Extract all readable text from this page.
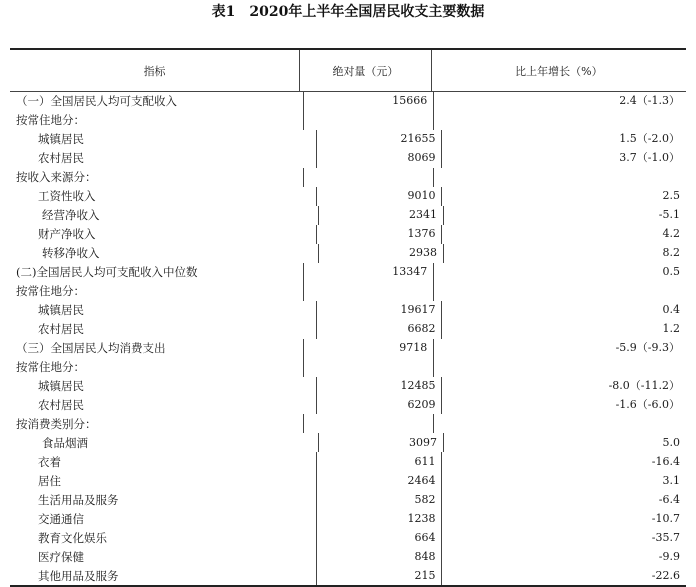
表1　2020年上半年全国居民收支主要数据
指标	绝对量（元）	比上年增长（%）
（一）全国居民人均可支配收入	15666	2.4（-1.3）
按常住地分：
城镇居民	21655	1.5（-2.0）
农村居民	8069	3.7（-1.0）
按收入来源分：
工资性收入	9010	2.5
经营净收入	2341	-5.1
财产净收入	1376	4.2
转移净收入	2938	8.2
(二)全国居民人均可支配收入中位数	13347	0.5
按常住地分：
城镇居民	19617	0.4
农村居民	6682	1.2
（三）全国居民人均消费支出	9718	-5.9（-9.3）
按常住地分：
城镇居民	12485	-8.0（-11.2）
农村居民	6209	-1.6（-6.0）
按消费类别分：
食品烟酒	3097	5.0
衣着	611	-16.4
居住	2464	3.1
生活用品及服务	582	-6.4
交通通信	1238	-10.7
教育文化娱乐	664	-35.7
医疗保健	848	-9.9
其他用品及服务	215	-22.6
